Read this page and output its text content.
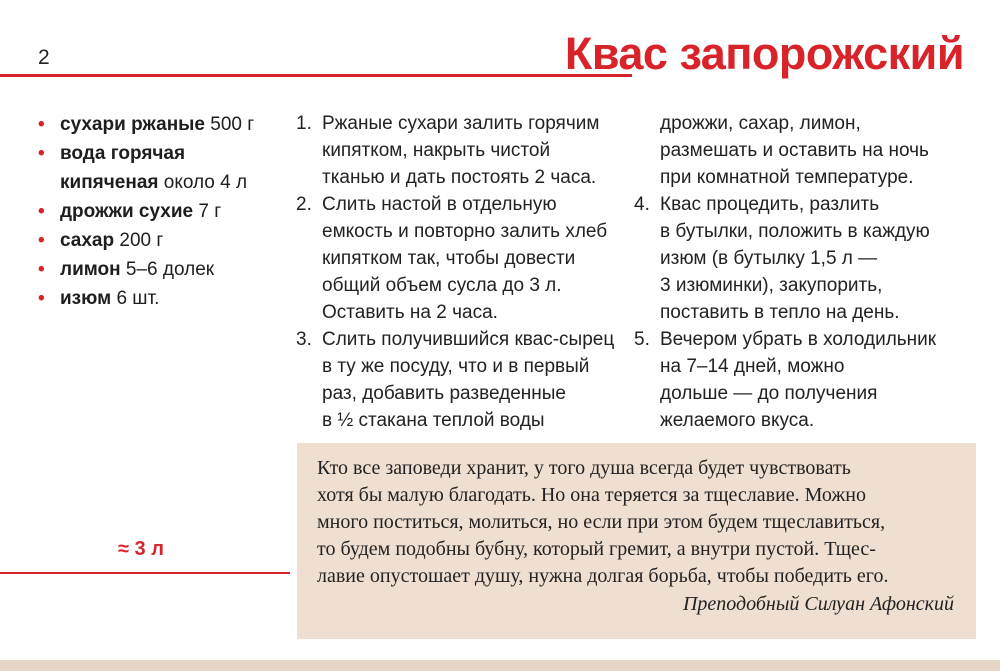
2	Квас запорожский
• сухари ржаные 500 г
• вода горячая кипяченая около 4 л
• дрожжи сухие 7 г
• сахар 200 г
• лимон 5–6 долек
• изюм 6 шт.
1. Ржаные сухари залить горячим
кипятком, накрыть чистой
тканью и дать постоять 2 часа.
2. Слить настой в отдельную
емкость и повторно залить хлеб
кипятком так, чтобы довести
общий объем сусла до 3 л.
Оставить на 2 часа.
3. Слить получившийся квас-сырец
в ту же посуду, что и в первый
раз, добавить разведенные
в ½ стакана теплой воды
дрожжи, сахар, лимон,
размешать и оставить на ночь
при комнатной температуре.
4. Квас процедить, разлить
в бутылки, положить в каждую
изюм (в бутылку 1,5 л —
3 изюминки), закупорить,
поставить в тепло на день.
5. Вечером убрать в холодильник
на 7–14 дней, можно
дольше — до получения
желаемого вкуса.
≈ 3 л

Кто все заповеди хранит, у того душа всегда будет чувствовать

хотя бы малую благодать. Но она теряется за тщеславие. Можно

много поститься, молиться, но если при этом будем тщеславиться,

то будем подобны бубну, который гремит, а внутри пустой. Тщес-

лавие опустошает душу, нужна долгая борьба, чтобы победить его.

Преподобный Силуан Афонский
